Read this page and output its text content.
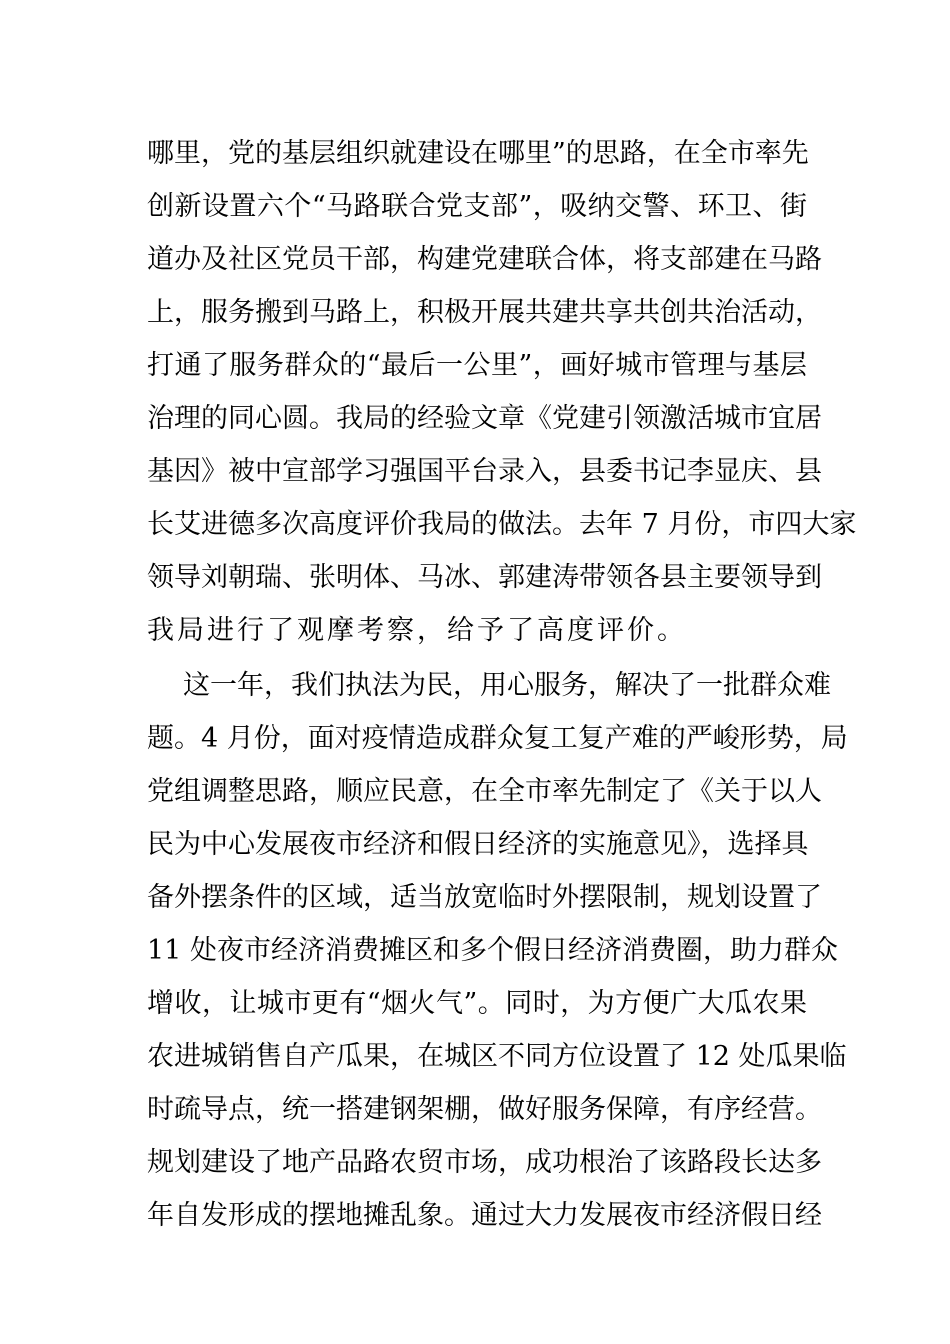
哪里，党的基层组织就建设在哪里”的思路，在全市率先
创新设置六个“马路联合党支部”，吸纳交警、环卫、街
道办及社区党员干部，构建党建联合体，将支部建在马路
上，服务搬到马路上，积极开展共建共享共创共治活动，
打通了服务群众的“最后一公里”，画好城市管理与基层
治理的同心圆。我局的经验文章《党建引领激活城市宜居
基因》被中宣部学习强国平台录入，县委书记李显庆、县
长艾进德多次高度评价我局的做法。去年 7 月份，市四大家
领导刘朝瑞、张明体、马冰、郭建涛带领各县主要领导到
我局进行了观摩考察，给予了高度评价。
这一年，我们执法为民，用心服务，解决了一批群众难
题。4 月份，面对疫情造成群众复工复产难的严峻形势，局
党组调整思路，顺应民意，在全市率先制定了《关于以人
民为中心发展夜市经济和假日经济的实施意见》，选择具
备外摆条件的区域，适当放宽临时外摆限制，规划设置了
11 处夜市经济消费摊区和多个假日经济消费圈，助力群众
增收，让城市更有“烟火气”。同时，为方便广大瓜农果
农进城销售自产瓜果，在城区不同方位设置了 12 处瓜果临
时疏导点，统一搭建钢架棚，做好服务保障，有序经营。
规划建设了地产品路农贸市场，成功根治了该路段长达多
年自发形成的摆地摊乱象。通过大力发展夜市经济假日经
